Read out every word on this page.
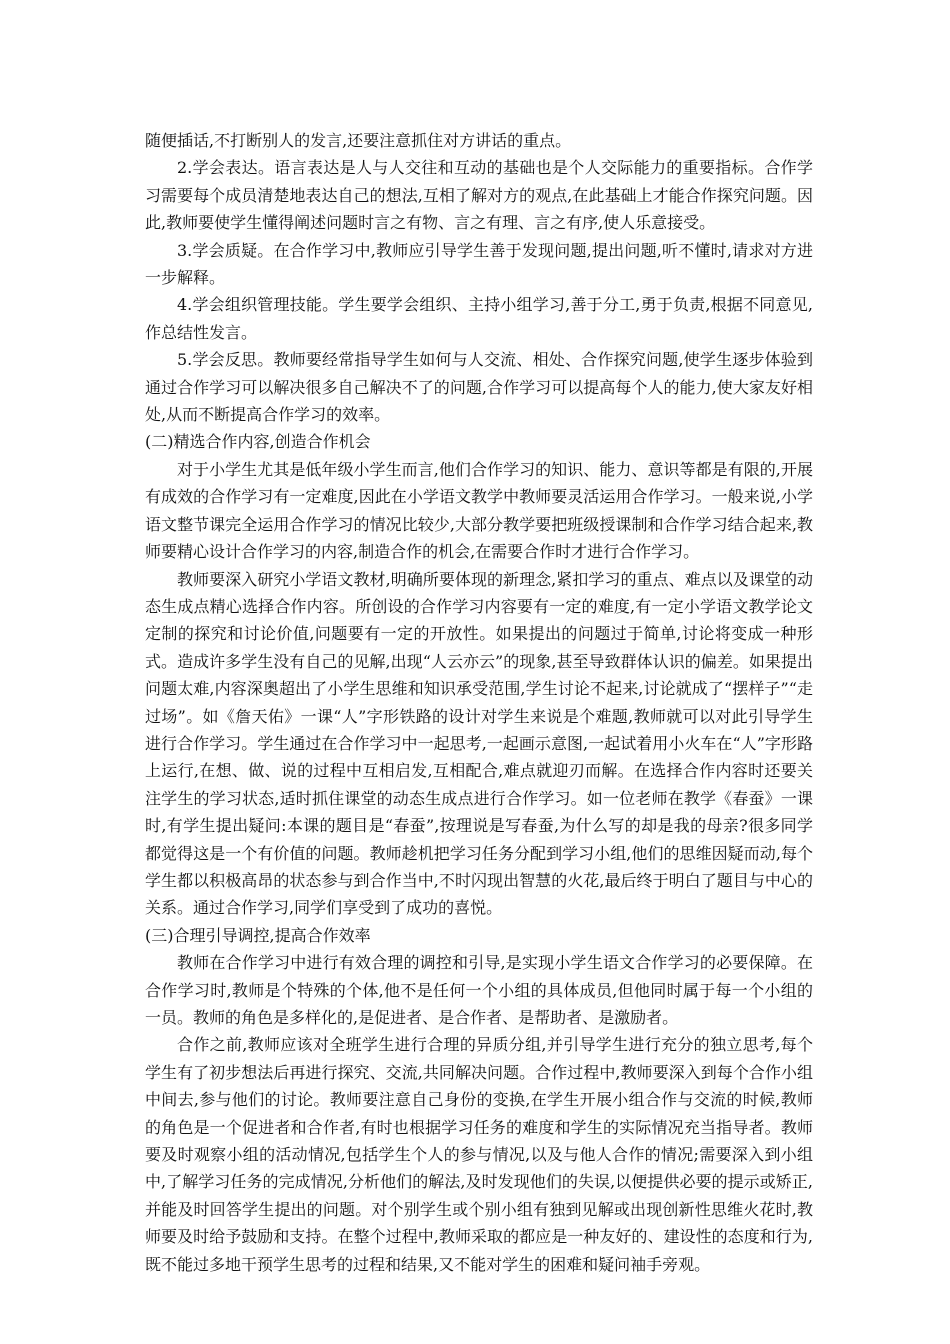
随便插话,不打断别人的发言,还要注意抓住对方讲话的重点。

2.学会表达。语言表达是人与人交往和互动的基础也是个人交际能力的重要指标。合作学习需要每个成员清楚地表达自己的想法,互相了解对方的观点,在此基础上才能合作探究问题。因此,教师要使学生懂得阐述问题时言之有物、言之有理、言之有序,使人乐意接受。

3.学会质疑。在合作学习中,教师应引导学生善于发现问题,提出问题,听不懂时,请求对方进一步解释。

4.学会组织管理技能。学生要学会组织、主持小组学习,善于分工,勇于负责,根据不同意见,作总结性发言。

5.学会反思。教师要经常指导学生如何与人交流、相处、合作探究问题,使学生逐步体验到通过合作学习可以解决很多自己解决不了的问题,合作学习可以提高每个人的能力,使大家友好相处,从而不断提高合作学习的效率。

(二)精选合作内容,创造合作机会

对于小学生尤其是低年级小学生而言,他们合作学习的知识、能力、意识等都是有限的,开展有成效的合作学习有一定难度,因此在小学语文教学中教师要灵活运用合作学习。一般来说,小学语文整节课完全运用合作学习的情况比较少,大部分教学要把班级授课制和合作学习结合起来,教师要精心设计合作学习的内容,制造合作的机会,在需要合作时才进行合作学习。

教师要深入研究小学语文教材,明确所要体现的新理念,紧扣学习的重点、难点以及课堂的动态生成点精心选择合作内容。所创设的合作学习内容要有一定的难度,有一定小学语文教学论文定制的探究和讨论价值,问题要有一定的开放性。如果提出的问题过于简单,讨论将变成一种形式。造成许多学生没有自己的见解,出现“人云亦云”的现象,甚至导致群体认识的偏差。如果提出问题太难,内容深奥超出了小学生思维和知识承受范围,学生讨论不起来,讨论就成了“摆样子”“走过场”。如《詹天佑》一课“人”字形铁路的设计对学生来说是个难题,教师就可以对此引导学生进行合作学习。学生通过在合作学习中一起思考,一起画示意图,一起试着用小火车在“人”字形路上运行,在想、做、说的过程中互相启发,互相配合,难点就迎刃而解。在选择合作内容时还要关注学生的学习状态,适时抓住课堂的动态生成点进行合作学习。如一位老师在教学《春蚕》一课时,有学生提出疑问:本课的题目是“春蚕”,按理说是写春蚕,为什么写的却是我的母亲?很多同学都觉得这是一个有价值的问题。教师趁机把学习任务分配到学习小组,他们的思维因疑而动,每个学生都以积极高昂的状态参与到合作当中,不时闪现出智慧的火花,最后终于明白了题目与中心的关系。通过合作学习,同学们享受到了成功的喜悦。

(三)合理引导调控,提高合作效率

教师在合作学习中进行有效合理的调控和引导,是实现小学生语文合作学习的必要保障。在合作学习时,教师是个特殊的个体,他不是任何一个小组的具体成员,但他同时属于每一个小组的一员。教师的角色是多样化的,是促进者、是合作者、是帮助者、是激励者。

合作之前,教师应该对全班学生进行合理的异质分组,并引导学生进行充分的独立思考,每个学生有了初步想法后再进行探究、交流,共同解决问题。合作过程中,教师要深入到每个合作小组中间去,参与他们的讨论。教师要注意自己身份的变换,在学生开展小组合作与交流的时候,教师的角色是一个促进者和合作者,有时也根据学习任务的难度和学生的实际情况充当指导者。教师要及时观察小组的活动情况,包括学生个人的参与情况,以及与他人合作的情况;需要深入到小组中,了解学习任务的完成情况,分析他们的解法,及时发现他们的失误,以便提供必要的提示或矫正,并能及时回答学生提出的问题。对个别学生或个别小组有独到见解或出现创新性思维火花时,教师要及时给予鼓励和支持。在整个过程中,教师采取的都应是一种友好的、建设性的态度和行为,既不能过多地干预学生思考的过程和结果,又不能对学生的困难和疑问袖手旁观。
